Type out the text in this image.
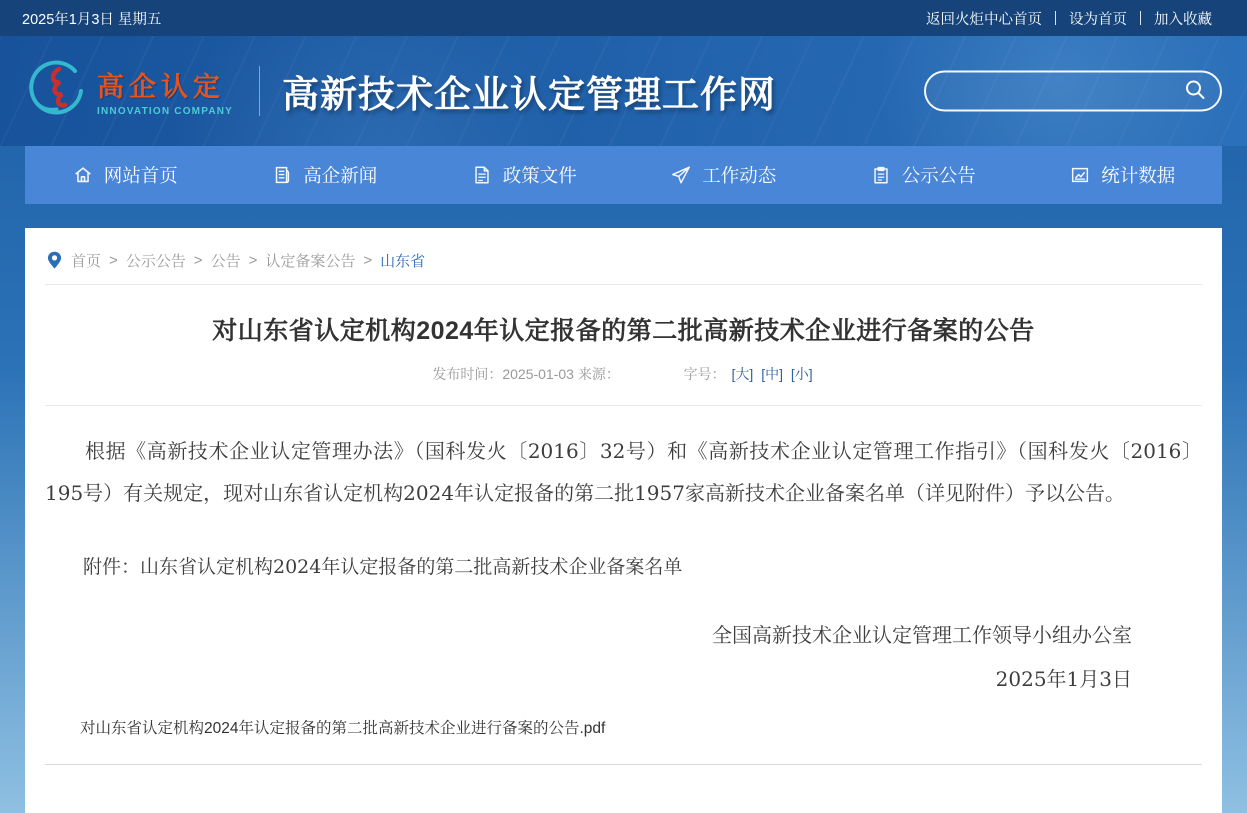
2025年1月3日 星期五	返回火炬中心首页	设为首页	加入收藏
高企认定
INNOVATION COMPANY 高新技术企业认定管理工作网
网站首页	高企新闻	政策文件	工作动态	公示公告	统计数据
首页 > 公示公告 > 公告 > 认定备案公告 > 山东省
对山东省认定机构2024年认定报备的第二批高新技术企业进行备案的公告
发布时间：2025-01-03 来源：	字号： [大] [中] [小]

根据《高新技术企业认定管理办法》（国科发火〔2016〕32号）和《高新技术企业认定管理工作指引》（国科发火〔2016〕195号）有关规定，现对山东省认定机构2024年认定报备的第二批1957家高新技术企业备案名单（详见附件）予以公告。

附件：山东省认定机构2024年认定报备的第二批高新技术企业备案名单

全国高新技术企业认定管理工作领导小组办公室
2025年1月3日
对山东省认定机构2024年认定报备的第二批高新技术企业进行备案的公告.pdf
